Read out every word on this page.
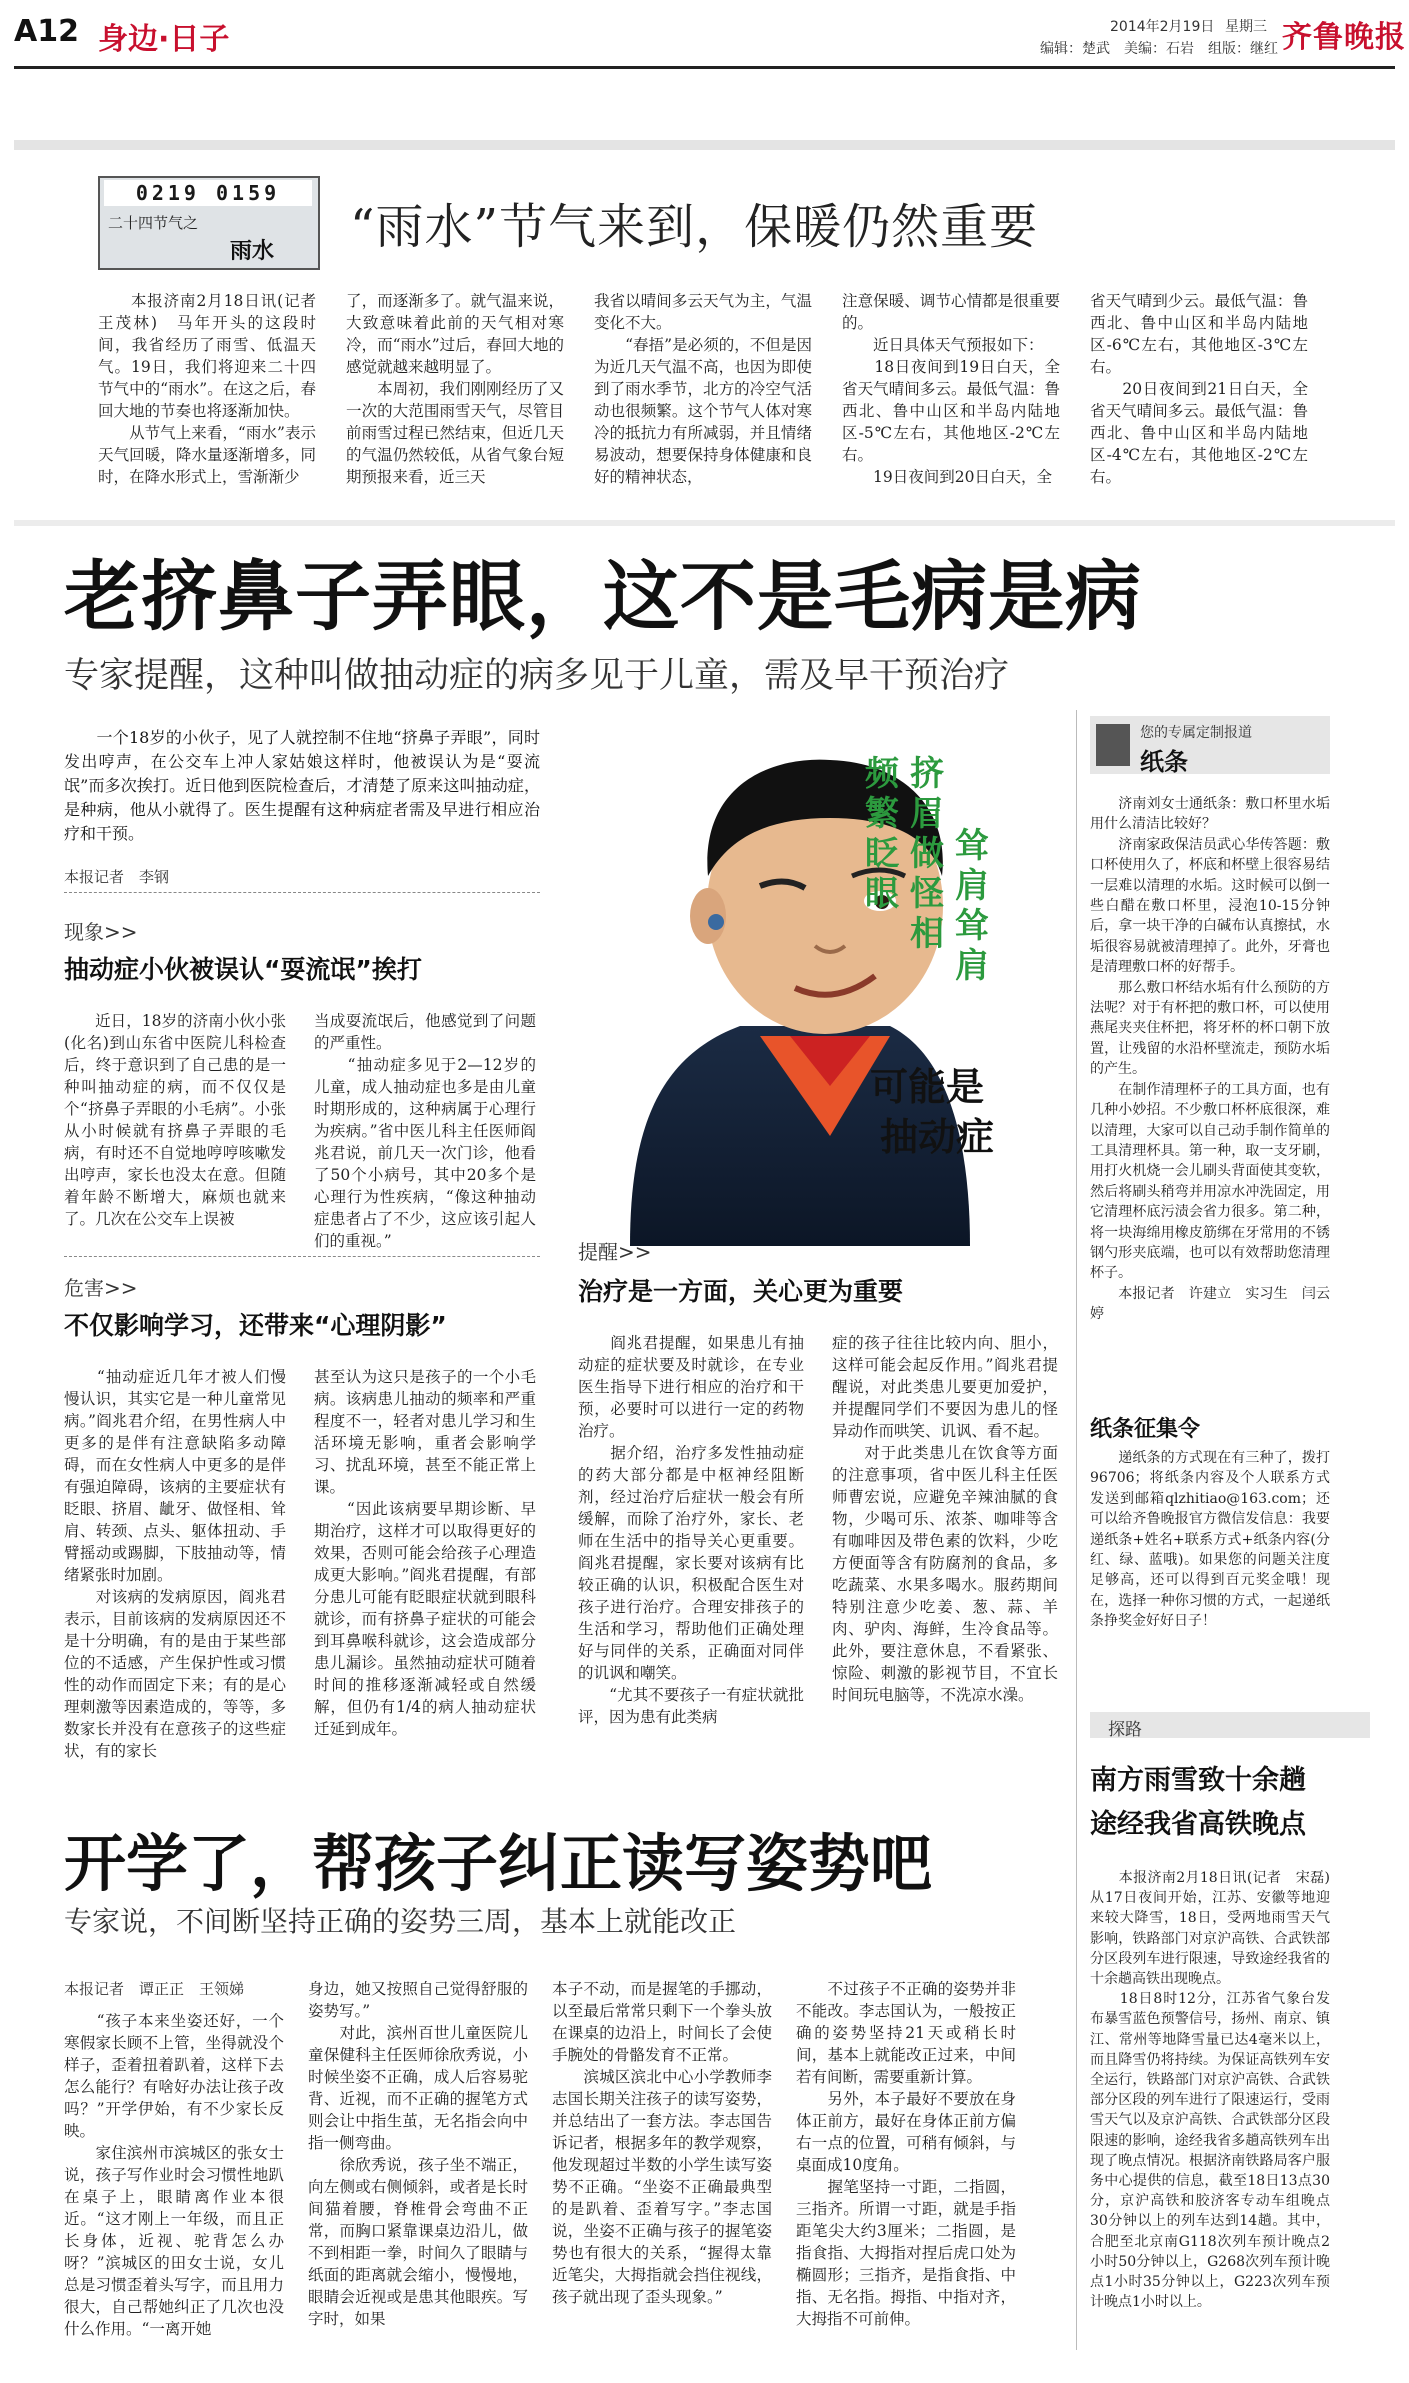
A12 身边·日子	2014年2月19日 星期三
编辑：楚武　美编：石岩　组版：继红 齐鲁晚报
0219 0159
二十四节气之
雨水 “雨水”节气来到，保暖仍然重要
　　本报济南2月18日讯(记者　王茂林)　马年开头的这段时间，我省经历了雨雪、低温天气。19日，我们将迎来二十四节气中的“雨水”。在这之后，春回大地的节奏也将逐渐加快。
　　从节气上来看，“雨水”表示天气回暖，降水量逐渐增多，同时，在降水形式上，雪渐渐少
了，而逐渐多了。就气温来说，大致意味着此前的天气相对寒冷，而“雨水”过后，春回大地的感觉就越来越明显了。
　　本周初，我们刚刚经历了又一次的大范围雨雪天气，尽管目前雨雪过程已然结束，但近几天的气温仍然较低，从省气象台短期预报来看，近三天
我省以晴间多云天气为主，气温变化不大。
　　“春捂”是必须的，不但是因为近几天气温不高，也因为即使到了雨水季节，北方的冷空气活动也很频繁。这个节气人体对寒冷的抵抗力有所减弱，并且情绪易波动，想要保持身体健康和良好的精神状态，
注意保暖、调节心情都是很重要的。
　　近日具体天气预报如下：
　　18日夜间到19日白天，全省天气晴间多云。最低气温：鲁西北、鲁中山区和半岛内陆地区-5℃左右，其他地区-2℃左右。
　　19日夜间到20日白天，全
省天气晴到少云。最低气温：鲁西北、鲁中山区和半岛内陆地区-6℃左右，其他地区-3℃左右。
　　20日夜间到21日白天，全省天气晴间多云。最低气温：鲁西北、鲁中山区和半岛内陆地区-4℃左右，其他地区-2℃左右。
老挤鼻子弄眼，这不是毛病是病
专家提醒，这种叫做抽动症的病多见于儿童，需及早干预治疗
　　一个18岁的小伙子，见了人就控制不住地“挤鼻子弄眼”，同时发出哼声，在公交车上冲人家姑娘这样时，他被误认为是“耍流氓”而多次挨打。近日他到医院检查后，才清楚了原来这叫抽动症，是种病，他从小就得了。医生提醒有这种病症者需及早进行相应治疗和干预。
本报记者　李钢
现象>>
抽动症小伙被误认“耍流氓”挨打
　　近日，18岁的济南小伙小张(化名)到山东省中医院儿科检查后，终于意识到了自己患的是一种叫抽动症的病，而不仅仅是个“挤鼻子弄眼的小毛病”。小张从小时候就有挤鼻子弄眼的毛病，有时还不自觉地哼哼咳嗽发出哼声，家长也没太在意。但随着年龄不断增大，麻烦也就来了。几次在公交车上误被
当成耍流氓后，他感觉到了问题的严重性。
　　“抽动症多见于2—12岁的儿童，成人抽动症也多是由儿童时期形成的，这种病属于心理行为疾病。”省中医儿科主任医师阎兆君说，前几天一次门诊，他看了50个小病号，其中20多个是心理行为性疾病，“像这种抽动症患者占了不少，这应该引起人们的重视。”
危害>>
不仅影响学习，还带来“心理阴影”
　　“抽动症近几年才被人们慢慢认识，其实它是一种儿童常见病。”阎兆君介绍，在男性病人中更多的是伴有注意缺陷多动障碍，而在女性病人中更多的是伴有强迫障碍，该病的主要症状有眨眼、挤眉、龇牙、做怪相、耸肩、转颈、点头、躯体扭动、手臂摇动或踢脚，下肢抽动等，情绪紧张时加剧。
　　对该病的发病原因，阎兆君表示，目前该病的发病原因还不是十分明确，有的是由于某些部位的不适感，产生保护性或习惯性的动作而固定下来；有的是心理刺激等因素造成的，等等，多数家长并没有在意孩子的这些症状，有的家长
甚至认为这只是孩子的一个小毛病。该病患儿抽动的频率和严重程度不一，轻者对患儿学习和生活环境无影响，重者会影响学习、扰乱环境，甚至不能正常上课。
　　“因此该病要早期诊断、早期治疗，这样才可以取得更好的效果，否则可能会给孩子心理造成更大影响。”阎兆君提醒，有部分患儿可能有眨眼症状就到眼科就诊，而有挤鼻子症状的可能会到耳鼻喉科就诊，这会造成部分患儿漏诊。虽然抽动症状可随着时间的推移逐渐减轻或自然缓解，但仍有1/4的病人抽动症状迁延到成年。
频繁眨眼
挤眉做怪相
耸肩耸肩
可能是
抽动症
提醒>>
治疗是一方面，关心更为重要
　　阎兆君提醒，如果患儿有抽动症的症状要及时就诊，在专业医生指导下进行相应的治疗和干预，必要时可以进行一定的药物治疗。
　　据介绍，治疗多发性抽动症的药大部分都是中枢神经阻断剂，经过治疗后症状一般会有所缓解，而除了治疗外，家长、老师在生活中的指导关心更重要。阎兆君提醒，家长要对该病有比较正确的认识，积极配合医生对孩子进行治疗。合理安排孩子的生活和学习，帮助他们正确处理好与同伴的关系，正确面对同伴的讥讽和嘲笑。
　　“尤其不要孩子一有症状就批评，因为患有此类病
症的孩子往往比较内向、胆小，这样可能会起反作用。”阎兆君提醒说，对此类患儿要更加爱护，并提醒同学们不要因为患儿的怪异动作而哄笑、讥讽、看不起。
　　对于此类患儿在饮食等方面的注意事项，省中医儿科主任医师曹宏说，应避免辛辣油腻的食物，少喝可乐、浓茶、咖啡等含有咖啡因及带色素的饮料，少吃方便面等含有防腐剂的食品，多吃蔬菜、水果多喝水。服药期间特别注意少吃姜、葱、蒜、羊肉、驴肉、海鲜，生冷食品等。此外，要注意休息，不看紧张、惊险、刺激的影视节目，不宜长时间玩电脑等，不洗凉水澡。
您的专属定制报道
纸条
　　济南刘女士通纸条：敷口杯里水垢用什么清洁比较好？
　　济南家政保洁员武心华传答题：敷口杯使用久了，杯底和杯壁上很容易结一层难以清理的水垢。这时候可以倒一些白醋在敷口杯里，浸泡10-15分钟后，拿一块干净的白碱布认真擦拭，水垢很容易就被清理掉了。此外，牙膏也是清理敷口杯的好帮手。
　　那么敷口杯结水垢有什么预防的方法呢？对于有杯把的敷口杯，可以使用燕尾夹夹住杯把，将牙杯的杯口朝下放置，让残留的水沿杯壁流走，预防水垢的产生。
　　在制作清理杯子的工具方面，也有几种小妙招。不少敷口杯杯底很深，难以清理，大家可以自己动手制作简单的工具清理杯具。第一种，取一支牙刷，用打火机烧一会儿刷头背面使其变软，然后将刷头稍弯并用凉水冲洗固定，用它清理杯底污渍会省力很多。第二种，将一块海绵用橡皮筋绑在牙常用的不锈钢勺形夹底端，也可以有效帮助您清理杯子。
　　本报记者　许建立　实习生　闫云婷
纸条征集令
　　递纸条的方式现在有三种了，拨打96706；将纸条内容及个人联系方式发送到邮箱qlzhitiao@163.com；还可以给齐鲁晚报官方微信发信息：我要递纸条+姓名+联系方式+纸条内容(分红、绿、蓝哦)。如果您的问题关注度足够高，还可以得到百元奖金哦！现在，选择一种你习惯的方式，一起递纸条挣奖金好好日子！
探路
南方雨雪致十余趟
途经我省高铁晚点
　　本报济南2月18日讯(记者　宋磊)　从17日夜间开始，江苏、安徽等地迎来较大降雪，18日，受两地雨雪天气影响，铁路部门对京沪高铁、合武铁部分区段列车进行限速，导致途经我省的十余趟高铁出现晚点。
　　18日8时12分，江苏省气象台发布暴雪蓝色预警信号，扬州、南京、镇江、常州等地降雪量已达4毫米以上，而且降雪仍将持续。为保证高铁列车安全运行，铁路部门对京沪高铁、合武铁部分区段的列车进行了限速运行，受雨雪天气以及京沪高铁、合武铁部分区段限速的影响，途经我省多趟高铁列车出现了晚点情况。根据济南铁路局客户服务中心提供的信息，截至18日13点30分，京沪高铁和胶济客专动车组晚点30分钟以上的列车达到14趟。其中，合肥至北京南G118次列车预计晚点2小时50分钟以上，G268次列车预计晚点1小时35分钟以上，G223次列车预计晚点1小时以上。
开学了，帮孩子纠正读写姿势吧
专家说，不间断坚持正确的姿势三周，基本上就能改正
本报记者　谭正正　王领娣
　　“孩子本来坐姿还好，一个寒假家长顾不上管，坐得就没个样子，歪着扭着趴着，这样下去怎么能行？有啥好办法让孩子改吗？”开学伊始，有不少家长反映。
　　家住滨州市滨城区的张女士说，孩子写作业时会习惯性地趴在桌子上，眼睛离作业本很近。“这才刚上一年级，而且正长身体，近视、驼背怎么办呀？”滨城区的田女士说，女儿总是习惯歪着头写字，而且用力很大，自己帮她纠正了几次也没什么作用。“一离开她
身边，她又按照自己觉得舒服的姿势写。”
　　对此，滨州百世儿童医院儿童保健科主任医师徐欣秀说，小时候坐姿不正确，成人后容易驼背、近视，而不正确的握笔方式则会让中指生茧，无名指会向中指一侧弯曲。
　　徐欣秀说，孩子坐不端正，向左侧或右侧倾斜，或者是长时间猫着腰，脊椎骨会弯曲不正常，而胸口紧靠课桌边沿儿，做不到相距一拳，时间久了眼睛与纸面的距离就会缩小，慢慢地，眼睛会近视或是患其他眼疾。写字时，如果
本子不动，而是握笔的手挪动，以至最后常常只剩下一个拳头放在课桌的边沿上，时间长了会使手腕处的骨骼发育不正常。
　　滨城区滨北中心小学教师李志国长期关注孩子的读写姿势，并总结出了一套方法。李志国告诉记者，根据多年的教学观察，他发现超过半数的小学生读写姿势不正确。“坐姿不正确最典型的是趴着、歪着写字。”李志国说，坐姿不正确与孩子的握笔姿势也有很大的关系，“握得太靠近笔尖，大拇指就会挡住视线，孩子就出现了歪头现象。”
　　不过孩子不正确的姿势并非不能改。李志国认为，一般按正确的姿势坚持21天或稍长时间，基本上就能改正过来，中间若有间断，需要重新计算。
　　另外，本子最好不要放在身体正前方，最好在身体正前方偏右一点的位置，可稍有倾斜，与桌面成10度角。
　　握笔坚持一寸距，二指圆，三指齐。所谓一寸距，就是手指距笔尖大约3厘米；二指圆，是指食指、大拇指对捏后虎口处为椭圆形；三指齐，是指食指、中指、无名指。拇指、中指对齐，大拇指不可前伸。
